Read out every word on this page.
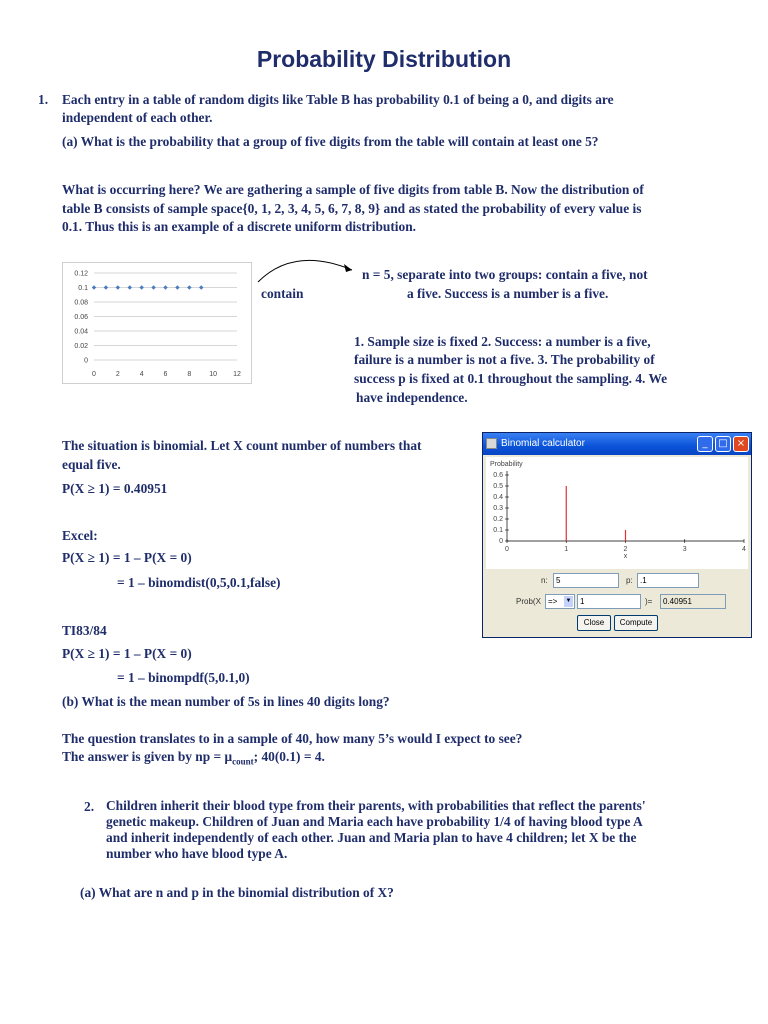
Probability Distribution
1. Each entry in a table of random digits like Table B has probability 0.1 of being a 0, and digits are
independent of each other.
(a) What is the probability that a group of five digits from the table will contain at least one 5?
What is occurring here? We are gathering a sample of five digits from table B. Now the distribution of
table B consists of sample space{0, 1, 2, 3, 4, 5, 6, 7, 8, 9} and as stated the probability of every value is
0.1. Thus this is an example of a discrete uniform distribution.
0
0.02
0.04
0.06
0.08
0.1
0.12
0	2	4	6	8	10 12
n = 5, separate into two groups: contain a five, not
contain	a five. Success is a number is a five.
1. Sample size is fixed 2. Success: a number is a five,
failure is a number is not a five. 3. The probability of
success p is fixed at 0.1 throughout the sampling. 4. We
have independence.
The situation is binomial. Let X count number of numbers that
equal five.
P(X ≥ 1) = 0.40951
Excel:
P(X ≥ 1) = 1 – P(X = 0)
= 1 – binomdist(0,5,0.1,false)
TI83/84
P(X ≥ 1) = 1 – P(X = 0)
= 1 – binompdf(5,0.1,0)
(b) What is the mean number of 5s in lines 40 digits long?
The question translates to in a sample of 40, how many 5’s would I expect to see?
The answer is given by np = $\mu_{count}$; 40(0.1) = 4.
2. Children inherit their blood type from their parents, with probabilities that reflect the parents'
genetic makeup. Children of Juan and Maria each have probability 1/4 of having blood type A
and inherit independently of each other. Juan and Maria plan to have 4 children; let X be the
number who have blood type A.
(a) What are n and p in the binomial distribution of X?
Binomial calculator	_	□ ×
Probability
0
0.1
0.2
0.3
0.4
0.5
0.6
0	1	2	3	4
x
n:	5	p: .1
Prob(X => ▼	1	)=	0.40951
Close	Compute
